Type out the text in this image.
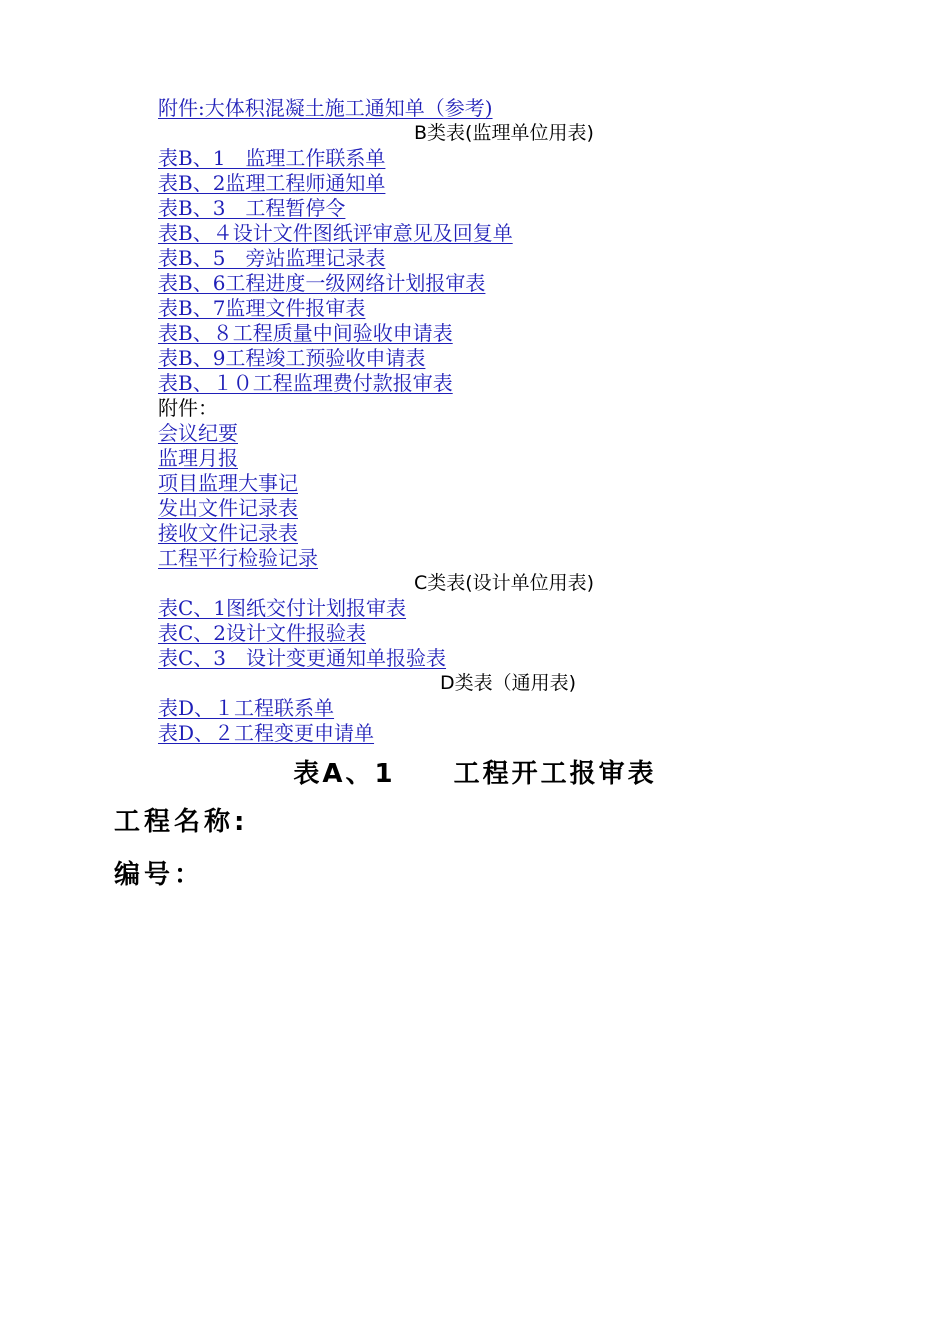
附件:大体积混凝土施工通知单（参考)
B类表(监理单位用表)
表B、1　监理工作联系单
表B、2监理工程师通知单
表B、3　工程暂停令
表B、４设计文件图纸评审意见及回复单
表B、5　旁站监理记录表
表B、6工程进度一级网络计划报审表
表B、7监理文件报审表
表B、８工程质量中间验收申请表
表B、9工程竣工预验收申请表
表B、１０工程监理费付款报审表
附件：
会议纪要
监理月报
项目监理大事记
发出文件记录表
接收文件记录表
工程平行检验记录
C类表(设计单位用表)
表C、1图纸交付计划报审表
表C、2设计文件报验表
表C、3　设计变更通知单报验表
D类表（通用表)
表D、１工程联系单
表D、２工程变更申请单
表A、1　　工程开工报审表
工程名称:
编号：
